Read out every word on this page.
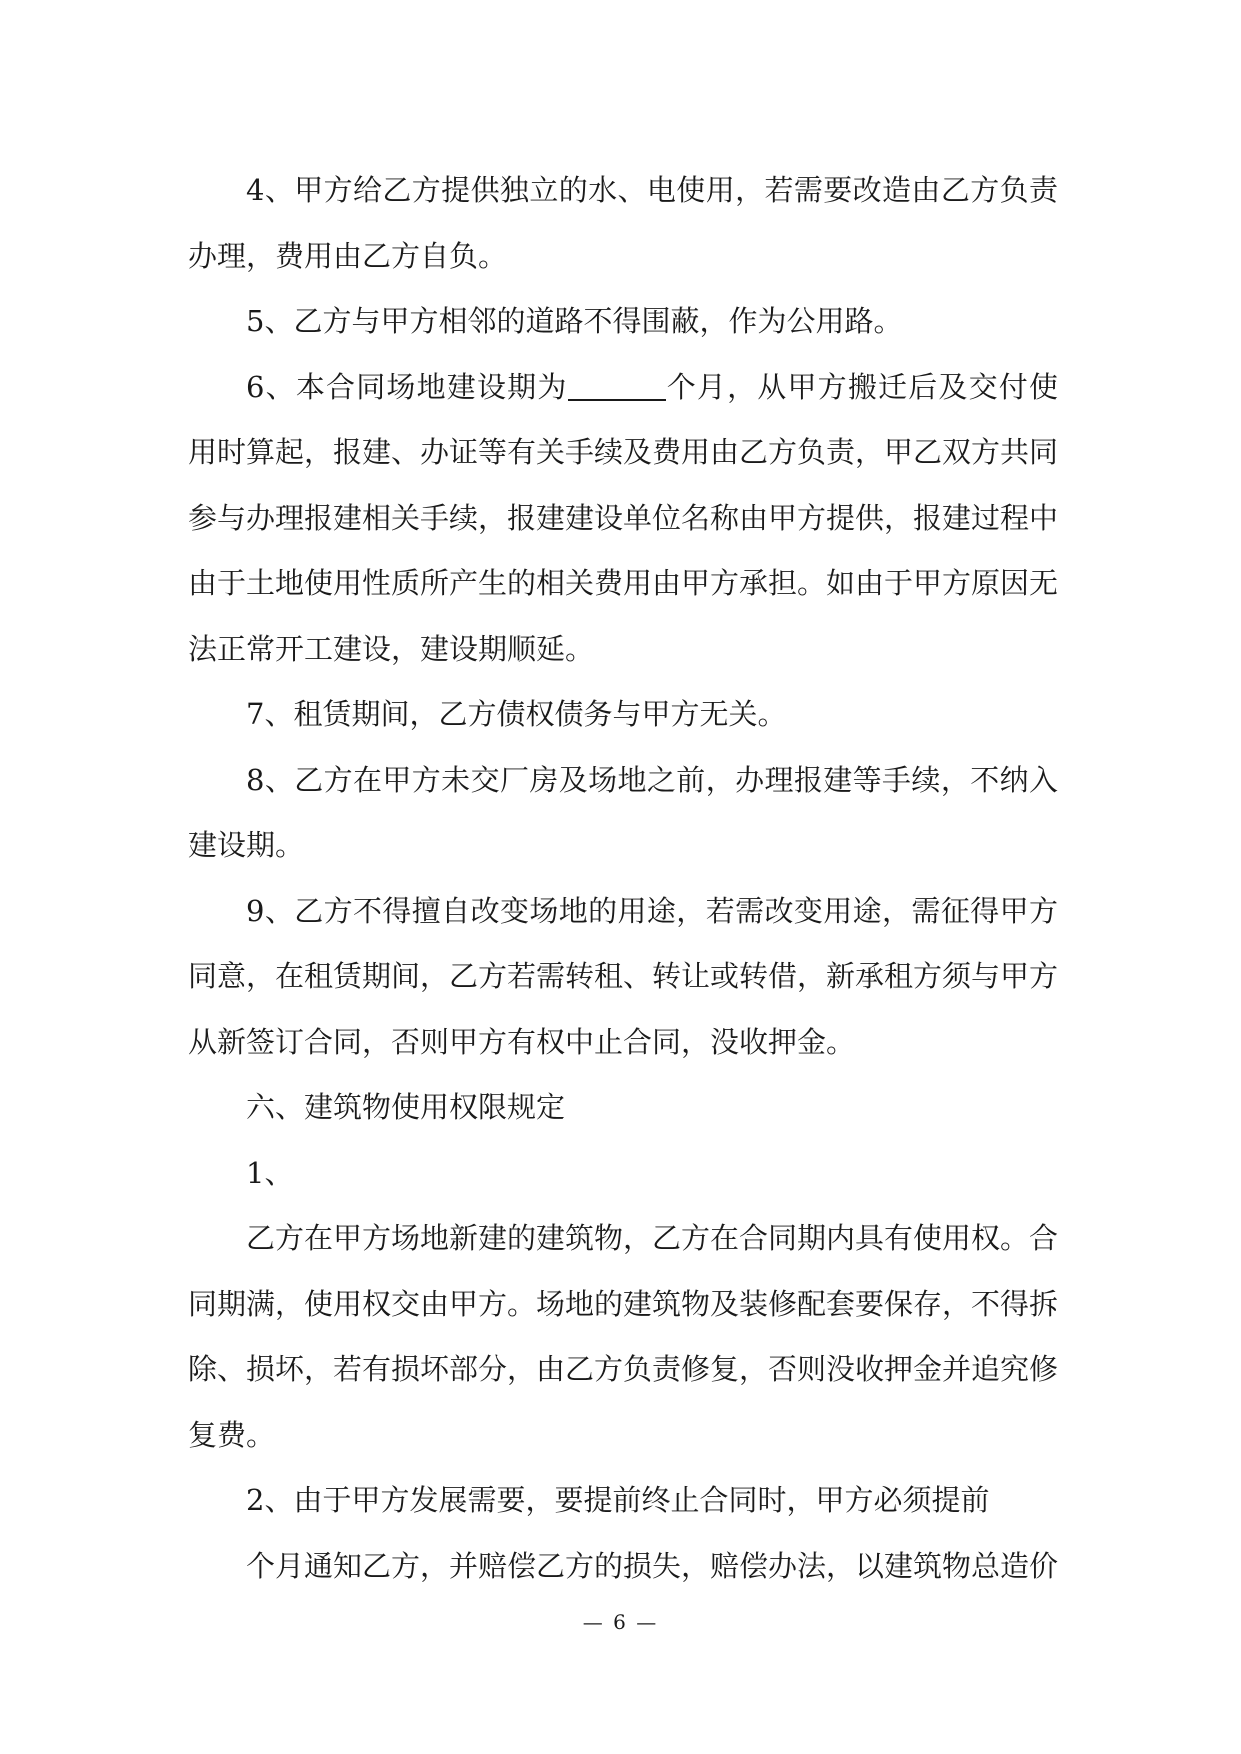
4、甲方给乙方提供独立的水、电使用，若需要改造由乙方负责办理，费用由乙方自负。

5、乙方与甲方相邻的道路不得围蔽，作为公用路。

6、本合同场地建设期为	个月，从甲方搬迁后及交付使用时算起，报建、办证等有关手续及费用由乙方负责，甲乙双方共同参与办理报建相关手续，报建建设单位名称由甲方提供，报建过程中由于土地使用性质所产生的相关费用由甲方承担。如由于甲方原因无法正常开工建设，建设期顺延。

7、租赁期间，乙方债权债务与甲方无关。

8、乙方在甲方未交厂房及场地之前，办理报建等手续，不纳入建设期。

9、乙方不得擅自改变场地的用途，若需改变用途，需征得甲方同意，在租赁期间，乙方若需转租、转让或转借，新承租方须与甲方从新签订合同，否则甲方有权中止合同，没收押金。

六、建筑物使用权限规定

1、

乙方在甲方场地新建的建筑物，乙方在合同期内具有使用权。合同期满，使用权交由甲方。场地的建筑物及装修配套要保存，不得拆除、损坏，若有损坏部分，由乙方负责修复，否则没收押金并追究修复费。

2、由于甲方发展需要，要提前终止合同时，甲方必须提前

个月通知乙方，并赔偿乙方的损失，赔偿办法，以建筑物总造价

— 6 —
